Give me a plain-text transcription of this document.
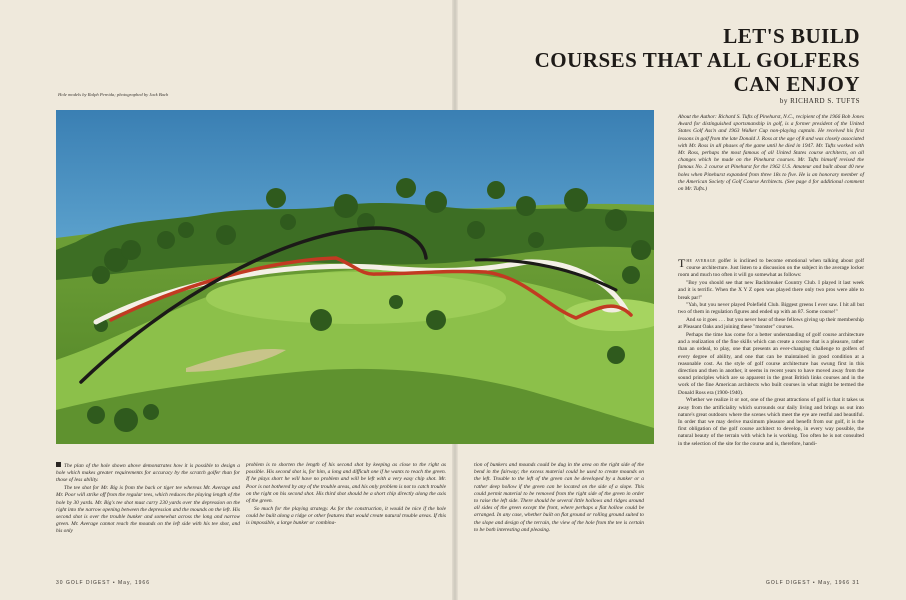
LET'S BUILD
COURSES THAT ALL GOLFERS
CAN ENJOY
by RICHARD S. TUFTS
Hole models by Ralph Pereida; photographed by Jack Bach

The plan of the hole shown above demonstrates how it is possible to design a hole which makes greater requirements for accuracy by the scratch golfer than for those of less ability.

The tee shot for Mr. Big is from the back or tiger tee whereas Mr. Average and Mr. Poor will strike off from the regular tees, which reduces the playing length of the hole by 30 yards. Mr. Big's tee shot must carry 230 yards over the depression on the right into the narrow opening between the depression and the mounds on the left. His second shot is over the trouble bunker and somewhat across the long and narrow green. Mr. Average cannot reach the mounds on the left side with his tee shot, and his only

problem is to shorten the length of his second shot by keeping as close to the right as possible. His second shot is, for him, a long and difficult one if he wants to reach the green. If he plays short he will have no problem and will be left with a very easy chip shot. Mr. Poor is not bothered by any of the trouble areas, and his only problem is not to catch trouble on the right on his second shot. His third shot should be a short chip directly along the axis of the green.

So much for the playing strategy. As for the construction, it would be nice if the hole could be built along a ridge or other features that would create natural trouble areas. If this is impossible, a large bunker or combina-

tion of bunkers and mounds could be dug in the area on the right side of the bend in the fairway; the excess material could be used to create mounds on the left. Trouble to the left of the green can be developed by a bunker or a rather deep hollow if the green can be located on the side of a slope. This could permit material to be removed from the right side of the green in order to raise the left side. There should be several little hollows and ridges around all sides of the green except the front, where perhaps a flat hollow could be arranged. In any case, whether built on flat ground or rolling ground suited to the slope and design of the terrain, the view of the hole from the tee is certain to be both interesting and pleasing.

About the Author: Richard S. Tufts of Pinehurst, N.C., recipient of the 1966 Bob Jones Award for distinguished sportsmanship in golf, is a former president of the United States Golf Ass'n and 1963 Walker Cup non-playing captain. He received his first lessons in golf from the late Donald J. Ross at the age of 8 and was closely associated with Mr. Ross in all phases of the game until he died in 1947. Mr. Tufts worked with Mr. Ross, perhaps the most famous of all United States course architects, on all changes which he made on the Pinehurst courses. Mr. Tufts himself revised the famous No. 2 course at Pinehurst for the 1962 U.S. Amateur and built about 40 new holes when Pinehurst expanded from three 18s to five. He is an honorary member of the American Society of Golf Course Architects. (See page 4 for additional comment on Mr. Tufts.)

The average golfer is inclined to become emotional when talking about golf course architecture. Just listen to a discussion on the subject in the average locker room and much too often it will go somewhat as follows:

"Boy you should see that new Backbreaker Country Club. I played it last week and it is terrific. When the X Y Z open was played there only two pros were able to break par!"

"Yah, but you never played Polefield Club. Biggest greens I ever saw. I hit all but two of them in regulation figures and ended up with an 87. Some course!"

And so it goes . . . but you never hear of these fellows giving up their membership at Pleasant Oaks and joining these "monster" courses.

Perhaps the time has come for a better understanding of golf course architecture and a realization of the fine skills which can create a course that is a pleasure, rather than an ordeal, to play, one that presents an ever-changing challenge to golfers of every degree of ability, and one that can be maintained in good condition at a reasonable cost. As the style of golf course architecture has swung first in this direction and then in another, it seems in recent years to have moved away from the sound principles which are so apparent in the great British links courses and in the work of the fine American architects who built courses in what might be termed the Donald Ross era (1900-1940).

Whether we realize it or not, one of the great attractions of golf is that it takes us away from the artificiality which surrounds our daily living and brings us out into nature's great outdoors where the scenes which meet the eye are restful and beautiful. In order that we may derive maximum pleasure and benefit from our golf, it is the first obligation of the golf course architect to develop, in every way possible, the natural beauty of the terrain with which he is working. Too often he is not consulted in the selection of the site for the course and is, therefore, handi-

30 GOLF DIGEST • May, 1966	GOLF DIGEST • May, 1966 31
